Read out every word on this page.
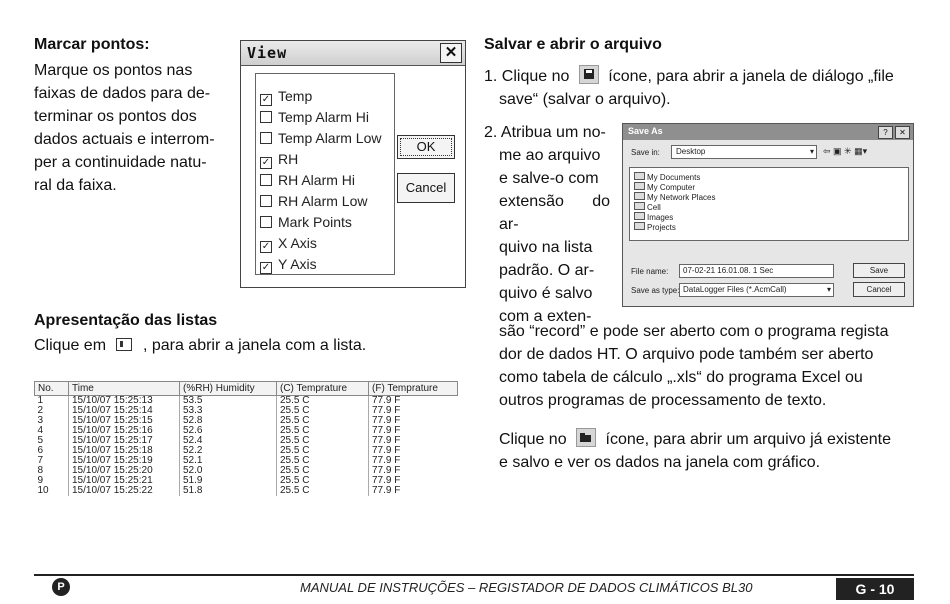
Marcar pontos:
Marque os pontos nas
faixas de dados para de-
terminar os pontos dos
dados actuais e interrom-
per a continuidade natu-
ral da faixa.
View	✕
✓ Temp
Temp Alarm Hi
Temp Alarm Low
✓ RH
RH Alarm Hi
RH Alarm Low
Mark Points
✓ X Axis
✓ Y Axis
OK
Cancel
Apresentação das listas
Clique em , para abrir a janela com a lista.
No.	Time	(%RH) Humidity	(C) Temprature	(F) Temprature
1	15/10/07 15:25:13	53.5	25.5 C	77.9 F
2	15/10/07 15:25:14	53.3	25.5 C	77.9 F
3	15/10/07 15:25:15	52.8	25.5 C	77.9 F
4	15/10/07 15:25:16	52.6	25.5 C	77.9 F
5	15/10/07 15:25:17	52.4	25.5 C	77.9 F
6	15/10/07 15:25:18	52.2	25.5 C	77.9 F
7	15/10/07 15:25:19	52.1	25.5 C	77.9 F
8	15/10/07 15:25:20	52.0	25.5 C	77.9 F
9	15/10/07 15:25:21	51.9	25.5 C	77.9 F
10	15/10/07 15:25:22	51.8	25.5 C	77.9 F
Salvar e abrir o arquivo
1. Clique no ícone, para abrir a janela de diálogo „file
save“ (salvar o arquivo).
2. Atribua um no-
me ao arquivo
e salve-o com
extensão do ar-
quivo na lista
padrão. O ar-
quivo é salvo
com a exten-
são “record” e pode ser aberto com o programa regista
dor de dados HT. O arquivo pode também ser aberto
como tabela de cálculo „.xls“ do programa Excel ou
outros programas de processamento de texto.
Clique no ícone, para abrir um arquivo já existente
e salvo e ver os dados na janela com gráfico.
Save As	?	✕
Save in:	Desktop	▾ ⇦ ▣ ✳ ▦▾
My Documents
My Computer
My Network Places
Cell
Images
Projects
File name:	07-02-21 16.01.08. 1 Sec
Save as type: DataLogger Files (*.AcmCall)	▾
Save
Cancel
P	MANUAL DE INSTRUÇÕES – REGISTADOR DE DADOS CLIMÁTICOS BL30	G - 10
